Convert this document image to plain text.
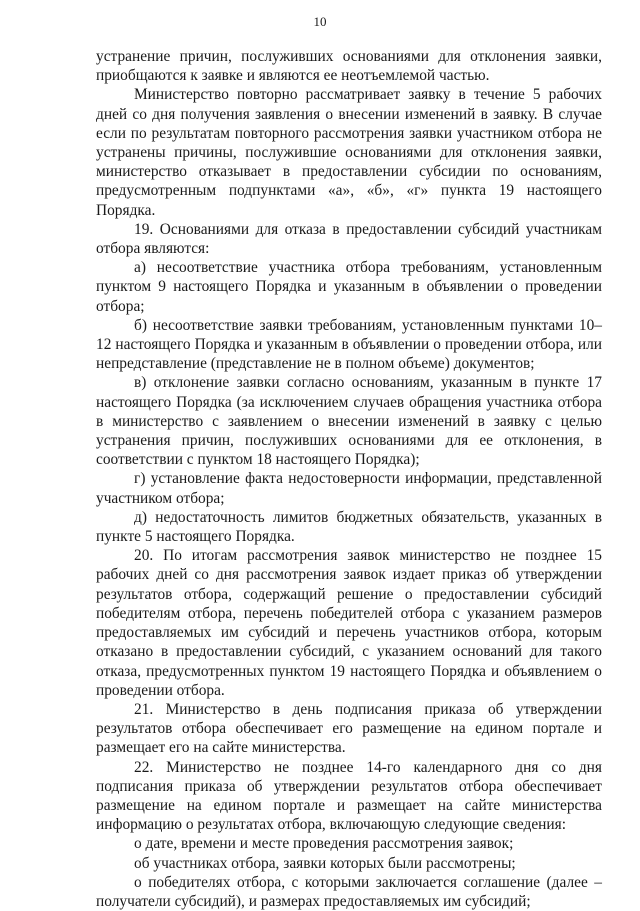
10

устранение причин, послуживших основаниями для отклонения заявки, приобщаются к заявке и являются ее неотъемлемой частью.

Министерство повторно рассматривает заявку в течение 5 рабочих дней со дня получения заявления о внесении изменений в заявку. В случае если по результатам повторного рассмотрения заявки участником отбора не устранены причины, послужившие основаниями для отклонения заявки, министерство отказывает в предоставлении субсидии по основаниям, предусмотренным подпунктами «а», «б», «г» пункта 19 настоящего Порядка.

19. Основаниями для отказа в предоставлении субсидий участникам отбора являются:

а) несоответствие участника отбора требованиям, установленным пунктом 9 настоящего Порядка и указанным в объявлении о проведении отбора;

б) несоответствие заявки требованиям, установленным пунктами 10–12 настоящего Порядка и указанным в объявлении о проведении отбора, или непредставление (представление не в полном объеме) документов;

в) отклонение заявки согласно основаниям, указанным в пункте 17 настоящего Порядка (за исключением случаев обращения участника отбора в министерство с заявлением о внесении изменений в заявку с целью устранения причин, послуживших основаниями для ее отклонения, в соответствии с пунктом 18 настоящего Порядка);

г) установление факта недостоверности информации, представленной участником отбора;

д) недостаточность лимитов бюджетных обязательств, указанных в пункте 5 настоящего Порядка.

20. По итогам рассмотрения заявок министерство не позднее 15 рабочих дней со дня рассмотрения заявок издает приказ об утверждении результатов отбора, содержащий решение о предоставлении субсидий победителям отбора, перечень победителей отбора с указанием размеров предоставляемых им субсидий и перечень участников отбора, которым отказано в предоставлении субсидий, с указанием оснований для такого отказа, предусмотренных пунктом 19 настоящего Порядка и объявлением о проведении отбора.

21. Министерство в день подписания приказа об утверждении результатов отбора обеспечивает его размещение на едином портале и размещает его на сайте министерства.

22. Министерство не позднее 14-го календарного дня со дня подписания приказа об утверждении результатов отбора обеспечивает размещение на едином портале и размещает на сайте министерства информацию о результатах отбора, включающую следующие сведения:

о дате, времени и месте проведения рассмотрения заявок;

об участниках отбора, заявки которых были рассмотрены;

о победителях отбора, с которыми заключается соглашение (далее – получатели субсидий), и размерах предоставляемых им субсидий;
